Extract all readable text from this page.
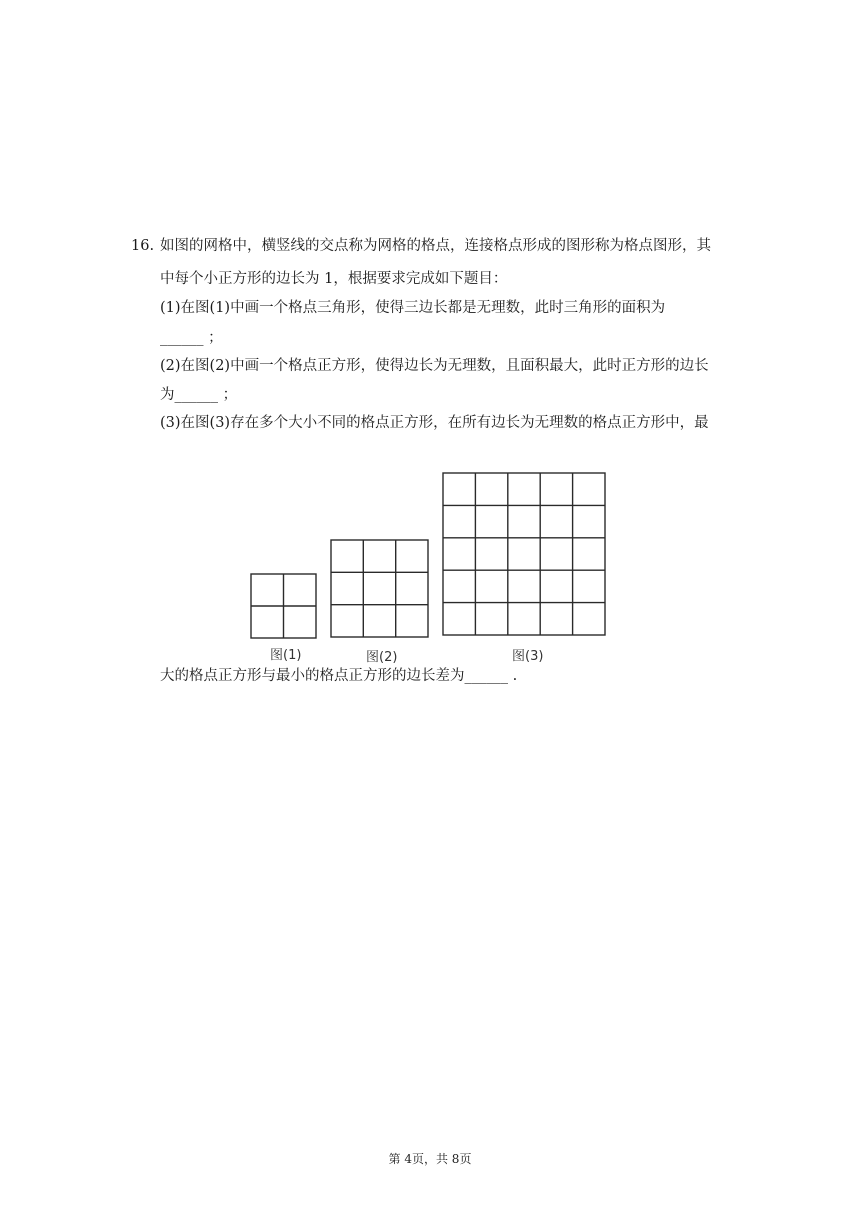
16. 如图的网格中，横竖线的交点称为网格的格点，连接格点形成的图形称为格点图形，其
中每个小正方形的边长为 1，根据要求完成如下题目：
(1)在图(1)中画一个格点三角形，使得三边长都是无理数，此时三角形的面积为
______ ；
(2)在图(2)中画一个格点正方形，使得边长为无理数，且面积最大，此时正方形的边长
为______ ；
(3)在图(3)存在多个大小不同的格点正方形，在所有边长为无理数的格点正方形中，最
大的格点正方形与最小的格点正方形的边长差为______ .
图(1)	图(2)	图(3)
第 4页，共 8页
